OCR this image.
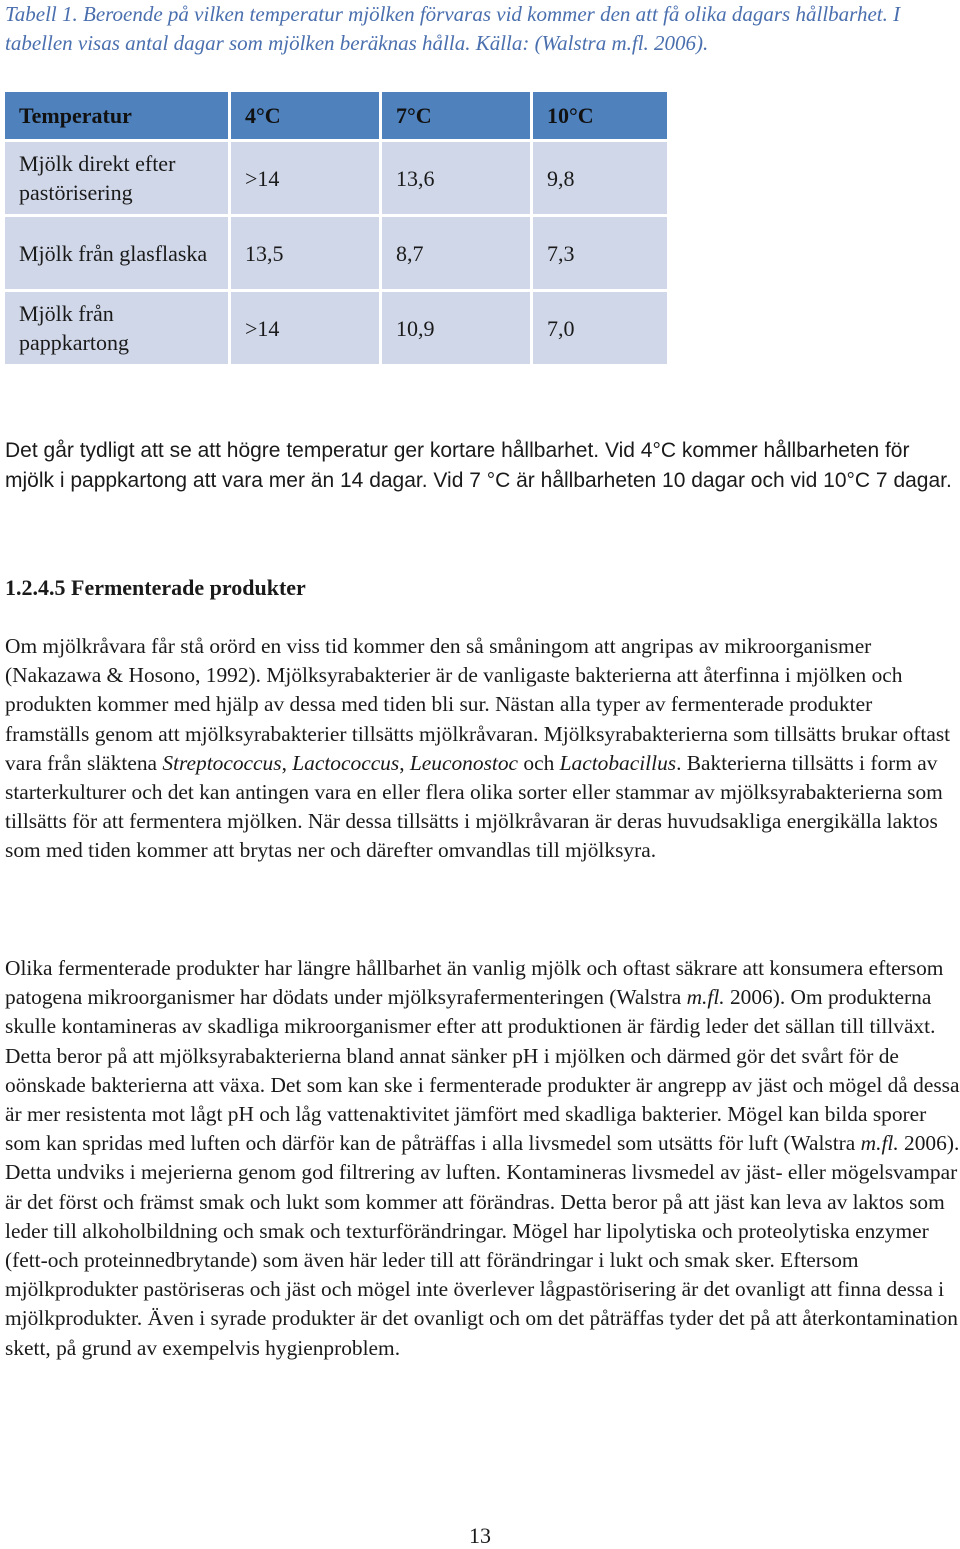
Tabell 1. Beroende på vilken temperatur mjölken förvaras vid kommer den att få olika dagars hållbarhet. I tabellen visas antal dagar som mjölken beräknas hålla. Källa: (Walstra m.fl. 2006).
Temperatur	4°C	7°C	10°C
Mjölk direkt efter pastörisering	>14	13,6	9,8
Mjölk från glasflaska	13,5	8,7	7,3
Mjölk från pappkartong	>14	10,9	7,0

Det går tydligt att se att högre temperatur ger kortare hållbarhet. Vid 4°C kommer hållbarheten för mjölk i pappkartong att vara mer än 14 dagar. Vid 7 °C är hållbarheten 10 dagar och vid 10°C 7 dagar.

1.2.4.5 Fermenterade produkter

Om mjölkråvara får stå orörd en viss tid kommer den så småningom att angripas av mikroorganismer (Nakazawa & Hosono, 1992). Mjölksyrabakterier är de vanligaste bakterierna att återfinna i mjölken och produkten kommer med hjälp av dessa med tiden bli sur. Nästan alla typer av fermenterade produkter framställs genom att mjölksyrabakterier tillsätts mjölkråvaran. Mjölksyrabakterierna som tillsätts brukar oftast vara från släktena Streptococcus, Lactococcus, Leuconostoc och Lactobacillus. Bakterierna tillsätts i form av starterkulturer och det kan antingen vara en eller flera olika sorter eller stammar av mjölksyrabakterierna som tillsätts för att fermentera mjölken. När dessa tillsätts i mjölkråvaran är deras huvudsakliga energikälla laktos som med tiden kommer att brytas ner och därefter omvandlas till mjölksyra.

Olika fermenterade produkter har längre hållbarhet än vanlig mjölk och oftast säkrare att konsumera eftersom patogena mikroorganismer har dödats under mjölksyrafermenteringen (Walstra m.fl. 2006). Om produkterna skulle kontamineras av skadliga mikroorganismer efter att produktionen är färdig leder det sällan till tillväxt. Detta beror på att mjölksyrabakterierna bland annat sänker pH i mjölken och därmed gör det svårt för de oönskade bakterierna att växa. Det som kan ske i fermenterade produkter är angrepp av jäst och mögel då dessa är mer resistenta mot lågt pH och låg vattenaktivitet jämfört med skadliga bakterier. Mögel kan bilda sporer som kan spridas med luften och därför kan de påträffas i alla livsmedel som utsätts för luft (Walstra m.fl. 2006). Detta undviks i mejerierna genom god filtrering av luften. Kontamineras livsmedel av jäst- eller mögelsvampar är det först och främst smak och lukt som kommer att förändras. Detta beror på att jäst kan leva av laktos som leder till alkoholbildning och smak och texturförändringar. Mögel har lipolytiska och proteolytiska enzymer (fett-och proteinnedbrytande) som även här leder till att förändringar i lukt och smak sker. Eftersom mjölkprodukter pastöriseras och jäst och mögel inte överlever lågpastörisering är det ovanligt att finna dessa i mjölkprodukter. Även i syrade produkter är det ovanligt och om det påträffas tyder det på att återkontamination skett, på grund av exempelvis hygienproblem.

13
